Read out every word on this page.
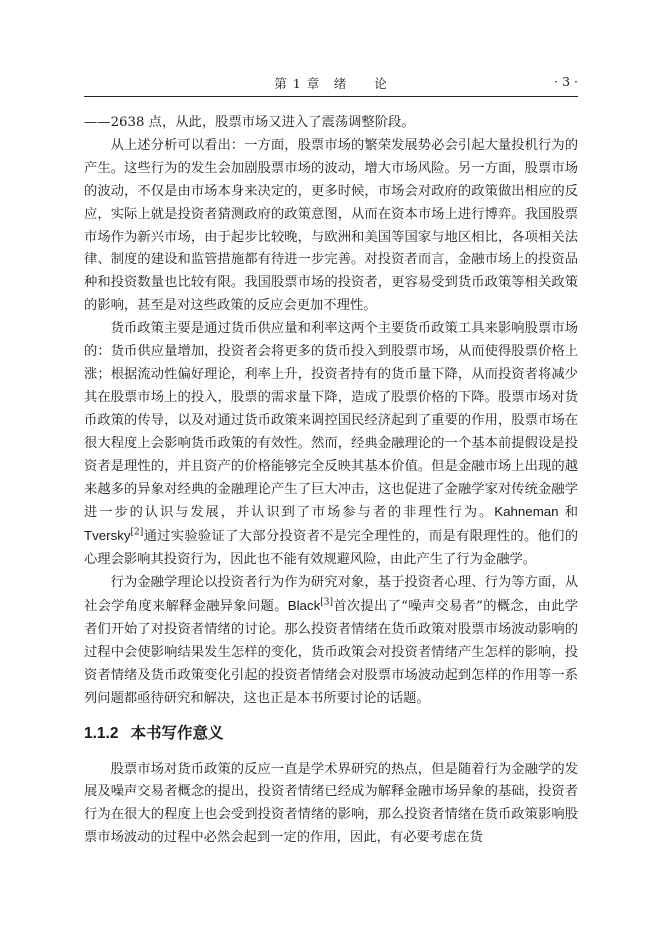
第 1 章　绪　　论	· 3 ·

——2638 点，从此，股票市场又进入了震荡调整阶段。

从上述分析可以看出：一方面，股票市场的繁荣发展势必会引起大量投机行为的产生。这些行为的发生会加剧股票市场的波动，增大市场风险。另一方面，股票市场的波动，不仅是由市场本身来决定的，更多时候，市场会对政府的政策做出相应的反应，实际上就是投资者猜测政府的政策意图，从而在资本市场上进行博弈。我国股票市场作为新兴市场，由于起步比较晚，与欧洲和美国等国家与地区相比，各项相关法律、制度的建设和监管措施都有待进一步完善。对投资者而言，金融市场上的投资品种和投资数量也比较有限。我国股票市场的投资者，更容易受到货币政策等相关政策的影响，甚至是对这些政策的反应会更加不理性。

货币政策主要是通过货币供应量和利率这两个主要货币政策工具来影响股票市场的：货币供应量增加，投资者会将更多的货币投入到股票市场，从而使得股票价格上涨；根据流动性偏好理论，利率上升，投资者持有的货币量下降，从而投资者将减少其在股票市场上的投入，股票的需求量下降，造成了股票价格的下降。股票市场对货币政策的传导，以及对通过货币政策来调控国民经济起到了重要的作用，股票市场在很大程度上会影响货币政策的有效性。然而，经典金融理论的一个基本前提假设是投资者是理性的，并且资产的价格能够完全反映其基本价值。但是金融市场上出现的越来越多的异象对经典的金融理论产生了巨大冲击，这也促进了金融学家对传统金融学进一步的认识与发展，并认识到了市场参与者的非理性行为。Kahneman 和 Tversky[2]通过实验验证了大部分投资者不是完全理性的，而是有限理性的。他们的心理会影响其投资行为，因此也不能有效规避风险，由此产生了行为金融学。

行为金融学理论以投资者行为作为研究对象，基于投资者心理、行为等方面，从社会学角度来解释金融异象问题。Black[3]首次提出了“噪声交易者”的概念，由此学者们开始了对投资者情绪的讨论。那么投资者情绪在货币政策对股票市场波动影响的过程中会使影响结果发生怎样的变化，货币政策会对投资者情绪产生怎样的影响，投资者情绪及货币政策变化引起的投资者情绪会对股票市场波动起到怎样的作用等一系列问题都亟待研究和解决，这也正是本书所要讨论的话题。

1.1.2 本书写作意义

股票市场对货币政策的反应一直是学术界研究的热点，但是随着行为金融学的发展及噪声交易者概念的提出，投资者情绪已经成为解释金融市场异象的基础，投资者行为在很大的程度上也会受到投资者情绪的影响，那么投资者情绪在货币政策影响股票市场波动的过程中必然会起到一定的作用，因此，有必要考虑在货
